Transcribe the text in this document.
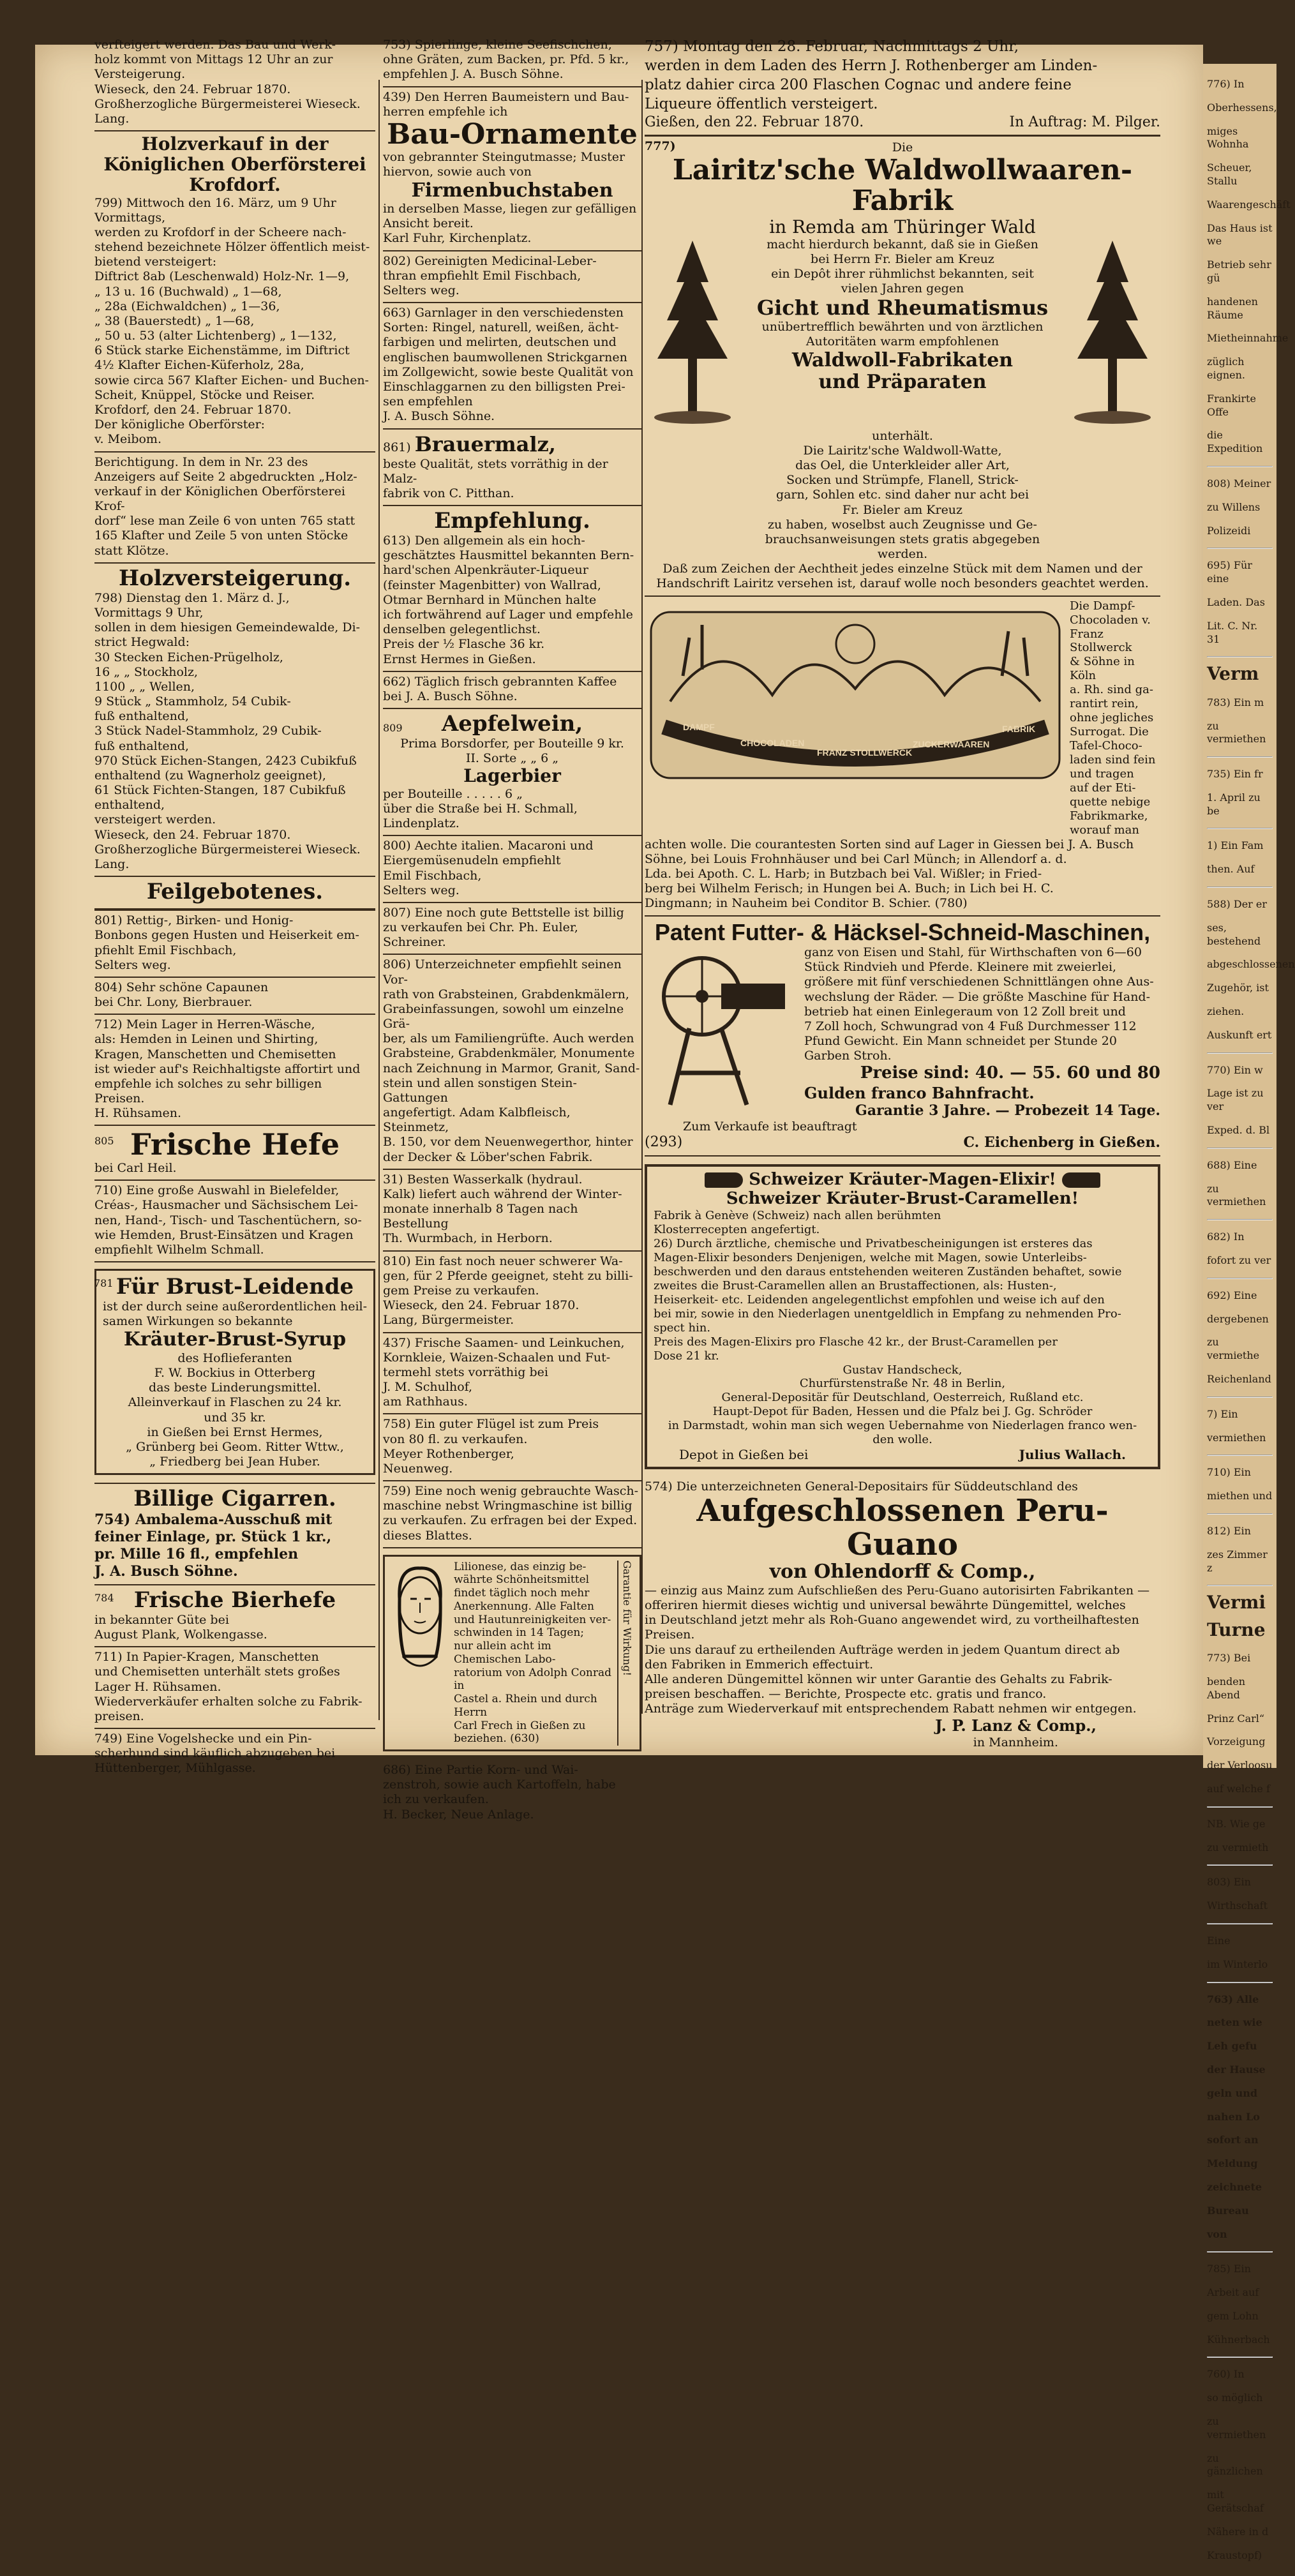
verfteigert werden. Das Bau und Werk-

holz kommt von Mittags 12 Uhr an zur

Versteigerung.

Wieseck, den 24. Februar 1870.

Großherzogliche Bürgermeisterei Wieseck.

Lang.

Holzverkauf in der Königlichen Oberförsterei Krofdorf.

799) Mittwoch den 16. März, um 9 Uhr Vormittags,

werden zu Krofdorf in der Scheere nach-

stehend bezeichnete Hölzer öffentlich meist-

bietend versteigert:

Diftrict 8ab (Leschenwald) Holz-Nr. 1—9,

„ 13 u. 16 (Buchwald) „ 1—68,

„ 28a (Eichwaldchen) „ 1—36,

„ 38 (Bauerstedt) „ 1—68,

„ 50 u. 53 (alter Lichtenberg) „ 1—132,

6 Stück starke Eichenstämme, im Diftrict

4½ Klafter Eichen-Küferholz, 28a,

sowie circa 567 Klafter Eichen- und Buchen-

Scheit, Knüppel, Stöcke und Reiser.

Krofdorf, den 24. Februar 1870.

Der königliche Oberförster:

v. Meibom.

Berichtigung. In dem in Nr. 23 des

Anzeigers auf Seite 2 abgedruckten „Holz-

verkauf in der Königlichen Oberförsterei Krof-

dorf“ lese man Zeile 6 von unten 765 statt

165 Klafter und Zeile 5 von unten Stöcke

statt Klötze.

Holzversteigerung.

798) Dienstag den 1. März d. J.,

Vormittags 9 Uhr,

sollen in dem hiesigen Gemeindewalde, Di-

strict Hegwald:

30 Stecken Eichen-Prügelholz,

16 „ „ Stockholz,

1100 „ „ Wellen,

9 Stück „ Stammholz, 54 Cubik-

fuß enthaltend,

3 Stück Nadel-Stammholz, 29 Cubik-

fuß enthaltend,

970 Stück Eichen-Stangen, 2423 Cubikfuß

enthaltend (zu Wagnerholz geeignet),

61 Stück Fichten-Stangen, 187 Cubikfuß

enthaltend,

versteigert werden.

Wieseck, den 24. Februar 1870.

Großherzogliche Bürgermeisterei Wieseck.

Lang.

Feilgebotenes.

801) Rettig-, Birken- und Honig-

Bonbons gegen Husten und Heiserkeit em-

pfiehlt Emil Fischbach,

Selters weg.

804) Sehr schöne Capaunen

bei Chr. Lony, Bierbrauer.

712) Mein Lager in Herren-Wäsche,

als: Hemden in Leinen und Shirting,

Kragen, Manschetten und Chemisetten

ist wieder auf's Reichhaltigste affortirt und

empfehle ich solches zu sehr billigen Preisen.

H. Rühsamen.

805 Frische Hefe

bei Carl Heil.

710) Eine große Auswahl in Bielefelder,

Créas-, Hausmacher und Sächsischem Lei-

nen, Hand-, Tisch- und Taschentüchern, so-

wie Hemden, Brust-Einsätzen und Kragen

empfiehlt Wilhelm Schmall.

781 Für Brust-Leidende

ist der durch seine außerordentlichen heil-

samen Wirkungen so bekannte

Kräuter-Brust-Syrup

des Hoflieferanten

F. W. Bockius in Otterberg

das beste Linderungsmittel.

Alleinverkauf in Flaschen zu 24 kr.

und 35 kr.

in Gießen bei Ernst Hermes,

„ Grünberg bei Geom. Ritter Wttw.,

„ Friedberg bei Jean Huber.

Billige Cigarren.

754) Ambalema-Ausschuß mit

feiner Einlage, pr. Stück 1 kr.,

pr. Mille 16 fl., empfehlen

J. A. Busch Söhne.

784 Frische Bierhefe

in bekannter Güte bei

August Plank, Wolkengasse.

711) In Papier-Kragen, Manschetten

und Chemisetten unterhält stets großes

Lager H. Rühsamen.

Wiederverkäufer erhalten solche zu Fabrik-

preisen.

749) Eine Vogelshecke und ein Pin-

scherhund sind käuflich abzugeben bei

Hüttenberger, Mühlgasse.

753) Spierlinge, kleine Seefischchen,

ohne Gräten, zum Backen, pr. Pfd. 5 kr.,

empfehlen J. A. Busch Söhne.

439) Den Herren Baumeistern und Bau-

herren empfehle ich

Bau-Ornamente

von gebrannter Steingutmasse; Muster

hiervon, sowie auch von

Firmenbuchstaben

in derselben Masse, liegen zur gefälligen

Ansicht bereit.

Karl Fuhr, Kirchenplatz.

802) Gereinigten Medicinal-Leber-

thran empfiehlt Emil Fischbach,

Selters weg.

663) Garnlager in den verschiedensten

Sorten: Ringel, naturell, weißen, ächt-

farbigen und melirten, deutschen und

englischen baumwollenen Strickgarnen

im Zollgewicht, sowie beste Qualität von

Einschlaggarnen zu den billigsten Prei-

sen empfehlen

J. A. Busch Söhne.

861) Brauermalz,

beste Qualität, stets vorräthig in der Malz-

fabrik von C. Pitthan.

Empfehlung.

613) Den allgemein als ein hoch-

geschätztes Hausmittel bekannten Bern-

hard'schen Alpenkräuter-Liqueur

(feinster Magenbitter) von Wallrad,

Otmar Bernhard in München halte

ich fortwährend auf Lager und empfehle

denselben gelegentlichst.

Preis der ½ Flasche 36 kr.

Ernst Hermes in Gießen.

662) Täglich frisch gebrannten Kaffee

bei J. A. Busch Söhne.

809	Aepfelwein,

Prima Borsdorfer, per Bouteille 9 kr.

II. Sorte „ „ 6 „

Lagerbier

per Bouteille . . . . . 6 „

über die Straße bei H. Schmall,

Lindenplatz.

800) Aechte italien. Macaroni und

Eiergemüsenudeln empfiehlt

Emil Fischbach,

Selters weg.

807) Eine noch gute Bettstelle ist billig

zu verkaufen bei Chr. Ph. Euler,

Schreiner.

806) Unterzeichneter empfiehlt seinen Vor-

rath von Grabsteinen, Grabdenkmälern,

Grabeinfassungen, sowohl um einzelne Grä-

ber, als um Familiengrüfte. Auch werden

Grabsteine, Grabdenkmäler, Monumente

nach Zeichnung in Marmor, Granit, Sand-

stein und allen sonstigen Stein-Gattungen

angefertigt. Adam Kalbfleisch,

Steinmetz,

B. 150, vor dem Neuenwegerthor, hinter

der Decker & Löber'schen Fabrik.

31) Besten Wasserkalk (hydraul.

Kalk) liefert auch während der Winter-

monate innerhalb 8 Tagen nach Bestellung

Th. Wurmbach, in Herborn.

810) Ein fast noch neuer schwerer Wa-

gen, für 2 Pferde geeignet, steht zu billi-

gem Preise zu verkaufen.

Wieseck, den 24. Februar 1870.

Lang, Bürgermeister.

437) Frische Saamen- und Leinkuchen,

Kornkleie, Waizen-Schaalen und Fut-

termehl stets vorräthig bei

J. M. Schulhof,

am Rathhaus.

758) Ein guter Flügel ist zum Preis

von 80 fl. zu verkaufen.

Meyer Rothenberger,

Neuenweg.

759) Eine noch wenig gebrauchte Wasch-

maschine nebst Wringmaschine ist billig

zu verkaufen. Zu erfragen bei der Exped.

dieses Blattes.

Lilionese, das einzig be-

währte Schönheitsmittel

findet täglich noch mehr

Anerkennung. Alle Falten

und Hautunreinigkeiten ver-

schwinden in 14 Tagen;

nur allein acht im Chemischen Labo-

ratorium von Adolph Conrad in

Castel a. Rhein und durch Herrn

Carl Frech in Gießen zu beziehen. (630)

Garantie für Wirkung!

686) Eine Partie Korn- und Wai-

zenstroh, sowie auch Kartoffeln, habe

ich zu verkaufen.

H. Becker, Neue Anlage.

757) Montag den 28. Februar, Nachmittags 2 Uhr,

werden in dem Laden des Herrn J. Rothenberger am Linden-

platz dahier circa 200 Flaschen Cognac und andere feine

Liqueure öffentlich versteigert.

Gießen, den 22. Februar 1870.	In Auftrag: M. Pilger.

777)	Die

Lairitz'sche Waldwollwaaren-Fabrik

in Remda am Thüringer Wald

macht hierdurch bekannt, daß sie in Gießen

bei Herrn Fr. Bieler am Kreuz

ein Depôt ihrer rühmlichst bekannten, seit

vielen Jahren gegen

Gicht und Rheumatismus

unübertrefflich bewährten und von ärztlichen

Autoritäten warm empfohlenen

Waldwoll-Fabrikaten

und Präparaten

unterhält.

Die Lairitz'sche Waldwoll-Watte,

das Oel, die Unterkleider aller Art,

Socken und Strümpfe, Flanell, Strick-

garn, Sohlen etc. sind daher nur acht bei

Fr. Bieler am Kreuz

zu haben, woselbst auch Zeugnisse und Ge-

brauchsanweisungen stets gratis abgegeben

werden.

Daß zum Zeichen der Aechtheit jedes einzelne Stück mit dem Namen und der

Handschrift Lairitz versehen ist, darauf wolle noch besonders geachtet werden.

DAMPF
CHOCOLADEN
FRANZ STOLLWERCK
ZUCKERWAAREN
FABRIK

Die Dampf-

Chocoladen v.

Franz Stollwerck

& Söhne in Köln

a. Rh. sind ga-

rantirt rein,

ohne jegliches

Surrogat. Die

Tafel-Choco-

laden sind fein

und tragen

auf der Eti-

quette nebige

Fabrikmarke,

worauf man

achten wolle. Die courantesten Sorten sind auf Lager in Giessen bei J. A. Busch

Söhne, bei Louis Frohnhäuser und bei Carl Münch; in Allendorf a. d.

Lda. bei Apoth. C. L. Harb; in Butzbach bei Val. Wißler; in Fried-

berg bei Wilhelm Ferisch; in Hungen bei A. Buch; in Lich bei H. C.

Dingmann; in Nauheim bei Conditor B. Schier. (780)

Patent Futter- & Häcksel-Schneid-Maschinen,

ganz von Eisen und Stahl, für Wirthschaften von 6—60

Stück Rindvieh und Pferde. Kleinere mit zweierlei,

größere mit fünf verschiedenen Schnittlängen ohne Aus-

wechslung der Räder. — Die größte Maschine für Hand-

betrieb hat einen Einlegeraum von 12 Zoll breit und

7 Zoll hoch, Schwungrad von 4 Fuß Durchmesser 112

Pfund Gewicht. Ein Mann schneidet per Stunde 20

Garben Stroh.

Preise sind: 40. — 55. 60 und 80

Gulden franco Bahnfracht.

Garantie 3 Jahre. — Probezeit 14 Tage.

Zum Verkaufe ist beauftragt

(293)	C. Eichenberg in Gießen.

Schweizer Kräuter-Magen-Elixir!

Schweizer Kräuter-Brust-Caramellen!

Fabrik à Genève (Schweiz) nach allen berühmten

Klosterrecepten angefertigt.

26) Durch ärztliche, chemische und Privatbescheinigungen ist ersteres das

Magen-Elixir besonders Denjenigen, welche mit Magen, sowie Unterleibs-

beschwerden und den daraus entstehenden weiteren Zuständen behaftet, sowie

zweites die Brust-Caramellen allen an Brustaffectionen, als: Husten-,

Heiserkeit- etc. Leidenden angelegentlichst empfohlen und weise ich auf den

bei mir, sowie in den Niederlagen unentgeldlich in Empfang zu nehmenden Pro-

spect hin.

Preis des Magen-Elixirs pro Flasche 42 kr., der Brust-Caramellen per

Dose 21 kr.

Gustav Handscheck,

Churfürstenstraße Nr. 48 in Berlin,

General-Depositär für Deutschland, Oesterreich, Rußland etc.

Haupt-Depot für Baden, Hessen und die Pfalz bei J. Gg. Schröder

in Darmstadt, wohin man sich wegen Uebernahme von Niederlagen franco wen-

den wolle.

Depot in Gießen bei	Julius Wallach.

574) Die unterzeichneten General-Depositairs für Süddeutschland des

Aufgeschlossenen Peru-Guano

von Ohlendorff & Comp.,

— einzig aus Mainz zum Aufschließen des Peru-Guano autorisirten Fabrikanten —

offeriren hiermit dieses wichtig und universal bewährte Düngemittel, welches

in Deutschland jetzt mehr als Roh-Guano angewendet wird, zu vortheilhaftesten

Preisen.

Die uns darauf zu ertheilenden Aufträge werden in jedem Quantum direct ab

den Fabriken in Emmerich effectuirt.

Alle anderen Düngemittel können wir unter Garantie des Gehalts zu Fabrik-

preisen beschaffen. — Berichte, Prospecte etc. gratis und franco.

Anträge zum Wiederverkauf mit entsprechendem Rabatt nehmen wir entgegen.

J. P. Lanz & Comp.,

in Mannheim.

776) In

Oberhessens,

miges Wohnha

Scheuer, Stallu

Waarengeschäft

Das Haus ist we

Betrieb sehr gü

handenen Räume

Mietheinnahme

züglich eignen.

Frankirte Offe

die Expedition

808) Meiner

zu Willens

Polizeidi

695) Für eine

Laden. Das

Lit. C. Nr. 31

Verm

783) Ein m

zu vermiethen

735) Ein fr

1. April zu be

1) Ein Fam

then. Auf

588) Der er

ses, bestehend

abgeschlossenen

Zugehör, ist

ziehen.

Auskunft ert

770) Ein w

Lage ist zu ver

Exped. d. Bl

688) Eine

zu vermiethen

682) In

fofort zu ver

692) Eine

dergebenen

zu vermiethe

Reichenland

7) Ein

vermiethen

710) Ein

miethen und

812) Ein

zes Zimmer z

Vermi

Turne

773) Bei

benden Abend

Prinz Carl“

Vorzeigung

der Verloosu

auf welche f

NB. Wie ge

zu vermieth

803) Ein

Wirthschaft

Eine

im Winterlo

763) Alle

neten wie

Leh gefu

der Hause

geln und

nahen Lo

sofort an

Meldung

zeichnete

Bureau

von

785) Ein

Arbeit auf

gem Lohn

Kühnerbach

760) In

so möglich

zu vermiethen

zu gänzlichen

mit Gerätschaf

Nähere in d

Kraustopf)
